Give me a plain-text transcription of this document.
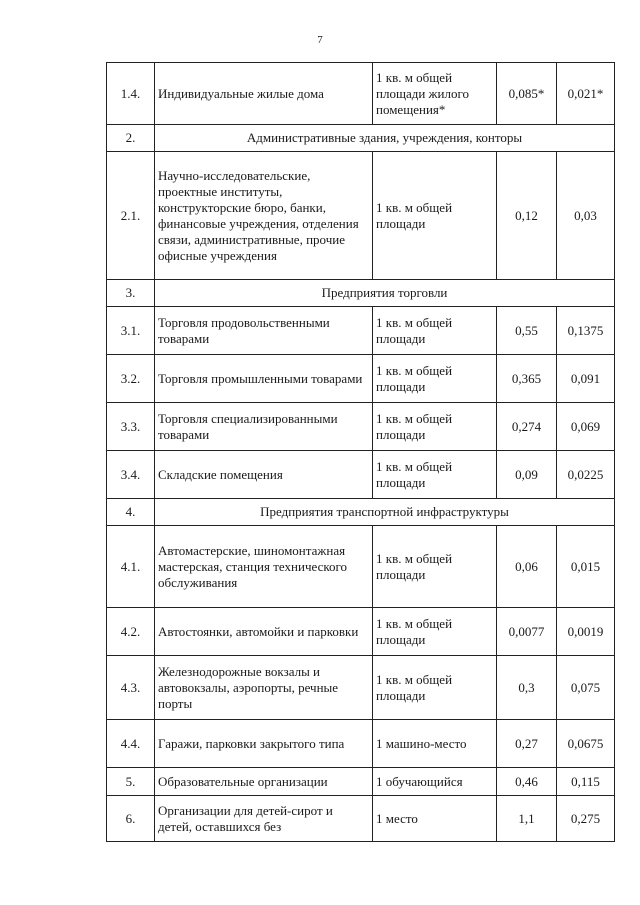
7
1.4.	Индивидуальные жилые дома	1 кв. м общей площади жилого помещения*	0,085*	0,021*
2.	Административные здания, учреждения, конторы			
2.1.	Научно-исследовательские, проектные институты, конструкторские бюро, банки, финансовые учреждения, отделения связи, административные, прочие офисные учреждения	1 кв. м общей площади	0,12	0,03
3.	Предприятия торговли			
3.1.	Торговля продовольственными товарами	1 кв. м общей площади	0,55	0,1375
3.2.	Торговля промышленными товарами	1 кв. м общей площади	0,365	0,091
3.3.	Торговля специализированными товарами	1 кв. м общей площади	0,274	0,069
3.4.	Складские помещения	1 кв. м общей площади	0,09	0,0225
4.	Предприятия транспортной инфраструктуры			
4.1.	Автомастерские, шиномонтажная мастерская, станция технического обслуживания	1 кв. м общей площади	0,06	0,015
4.2.	Автостоянки, автомойки и парковки	1 кв. м общей площади	0,0077	0,0019
4.3.	Железнодорожные вокзалы и автовокзалы, аэропорты, речные порты	1 кв. м общей площади	0,3	0,075
4.4.	Гаражи, парковки закрытого типа	1 машино-место	0,27	0,0675
5.	Образовательные организации	1 обучающийся	0,46	0,115
6.	Организации для детей-сирот и детей, оставшихся без	1 место	1,1	0,275
